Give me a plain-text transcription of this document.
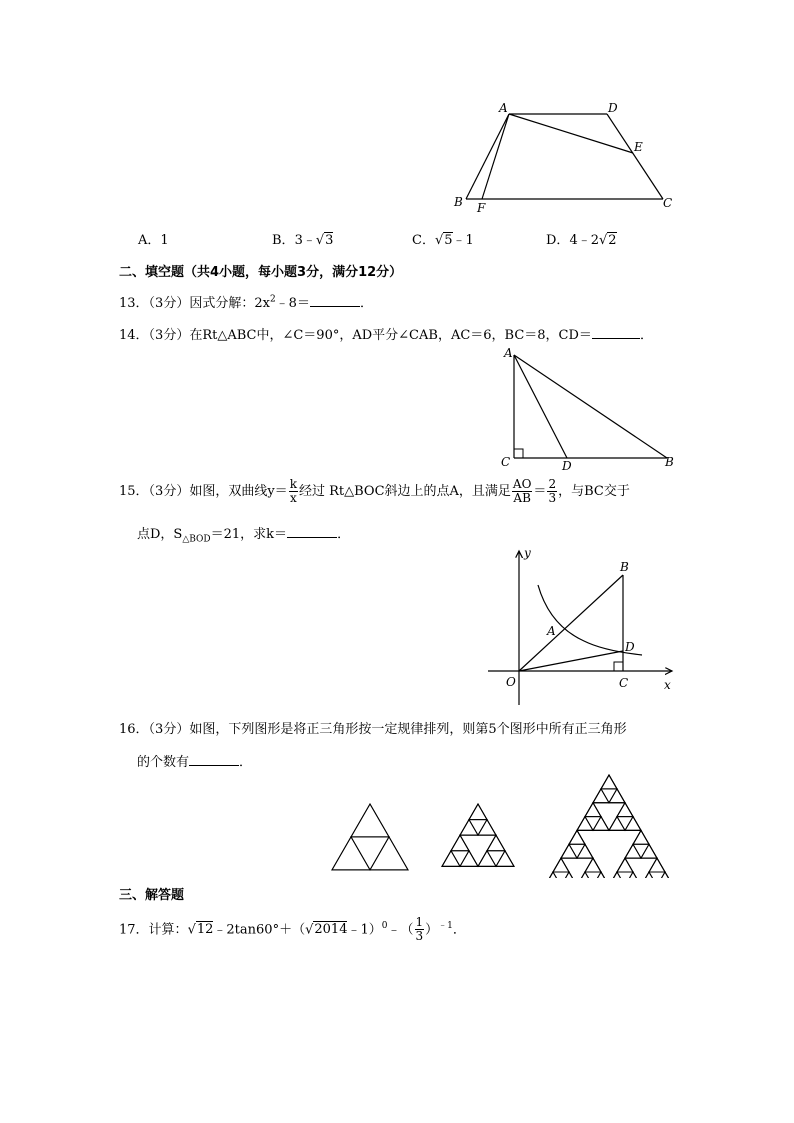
A	D
E
B F	C
A．1	B．3﹣√3	C．√5﹣1	D．4﹣2√2
二、填空题（共4小题，每小题3分，满分12分）
13．（3分）因式分解：$2x^2﹣8=$	．
14．（3分）在Rt△ABC中，∠C＝90°，AD平分∠CAB，AC＝6，BC＝8，CD＝	．
A
C	D	B
15．（3分）如图，双曲线$y= \frac{k}{x}$ 经过 Rt△BOC斜边上的点A，且满足 $\frac{AO}{AB} = \frac{2}{3}$ ，与BC交于
点D，$S_{\triangle BOD}=21$，求k＝	．
y
x
O	C
B
A
D
16．（3分）如图，下列图形是将正三角形按一定规律排列，则第5个图形中所有正三角形
的个数有	．
三、解答题
17．计算：√12﹣2tan60°＋（√2014﹣1）$^0$﹣（ $\frac{1}{3} )^{﹣1}$．
